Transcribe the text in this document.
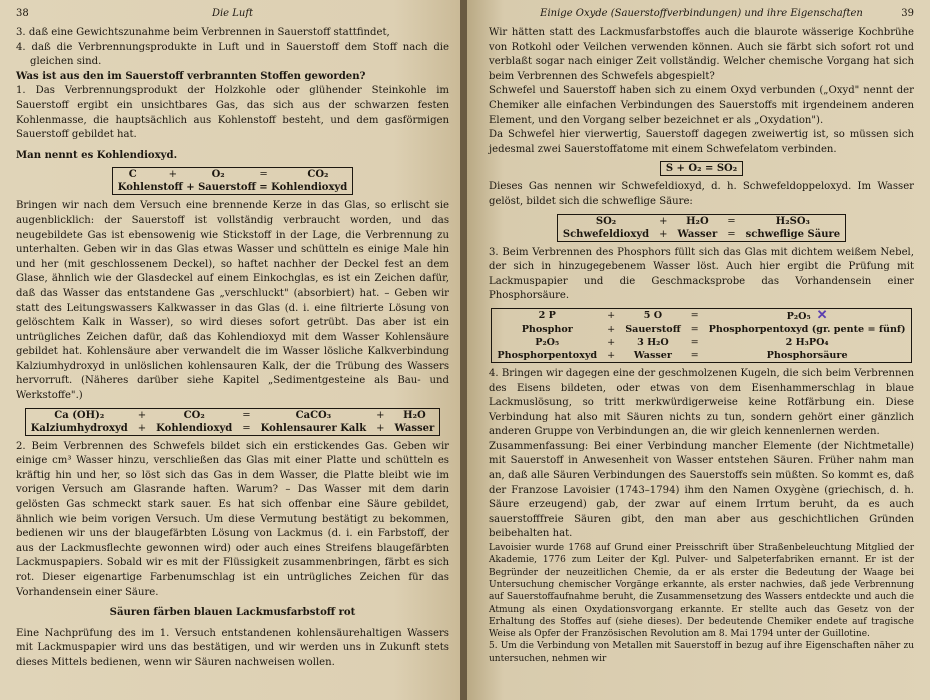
38	Die Luft

3. daß eine Gewichtszunahme beim Verbrennen in Sauerstoff stattfindet,

4. daß die Verbrennungsprodukte in Luft und in Sauerstoff dem Stoff nach die gleichen sind.

Was ist aus den im Sauerstoff verbrannten Stoffen geworden?

1. Das Verbrennungsprodukt der Holzkohle oder glühender Steinkohle im Sauerstoff ergibt ein unsichtbares Gas, das sich aus der schwarzen festen Kohlenmasse, die hauptsächlich aus Kohlenstoff besteht, und dem gasförmigen Sauerstoff gebildet hat.

Man nennt es Kohlendioxyd.

C	+	O₂	=	CO₂
Kohlenstoff + Sauerstoff = Kohlendioxyd

Bringen wir nach dem Versuch eine brennende Kerze in das Glas, so erlischt sie augenblicklich: der Sauerstoff ist vollständig verbraucht worden, und das neugebildete Gas ist ebensowenig wie Stickstoff in der Lage, die Verbrennung zu unterhalten. Geben wir in das Glas etwas Wasser und schütteln es einige Male hin und her (mit geschlossenem Deckel), so haftet nachher der Deckel fest an dem Glase, ähnlich wie der Glasdeckel auf einem Einkochglas, es ist ein Zeichen dafür, daß das Wasser das entstandene Gas „verschluckt" (absorbiert) hat. – Geben wir statt des Leitungswassers Kalkwasser in das Glas (d. i. eine filtrierte Lösung von gelöschtem Kalk in Wasser), so wird dieses sofort getrübt. Das aber ist ein untrügliches Zeichen dafür, daß das Kohlendioxyd mit dem Wasser Kohlensäure gebildet hat. Kohlensäure aber verwandelt die im Wasser lösliche Kalkverbindung Kalziumhydroxyd in unlöslichen kohlensauren Kalk, der die Trübung des Wassers hervorruft. (Näheres darüber siehe Kapitel „Sedimentgesteine als Bau- und Werkstoffe".)

Ca (OH)₂	+	CO₂	=	CaCO₃	+	H₂O
Kalziumhydroxyd	+	Kohlendioxyd	=	Kohlensaurer Kalk	+	Wasser

2. Beim Verbrennen des Schwefels bildet sich ein erstickendes Gas. Geben wir einige cm³ Wasser hinzu, verschließen das Glas mit einer Platte und schütteln es kräftig hin und her, so löst sich das Gas in dem Wasser, die Platte bleibt wie im vorigen Versuch am Glasrande haften. Warum? – Das Wasser mit dem darin gelösten Gas schmeckt stark sauer. Es hat sich offenbar eine Säure gebildet, ähnlich wie beim vorigen Versuch. Um diese Vermutung bestätigt zu bekommen, bedienen wir uns der blaugefärbten Lösung von Lackmus (d. i. ein Farbstoff, der aus der Lackmusflechte gewonnen wird) oder auch eines Streifens blaugefärbten Lackmuspapiers. Sobald wir es mit der Flüssigkeit zusammenbringen, färbt es sich rot. Dieser eigenartige Farbenumschlag ist ein untrügliches Zeichen für das Vorhandensein einer Säure.

Säuren färben blauen Lackmusfarbstoff rot

Eine Nachprüfung des im 1. Versuch entstandenen kohlensäurehaltigen Wassers mit Lackmuspapier wird uns das bestätigen, und wir werden uns in Zukunft stets dieses Mittels bedienen, wenn wir Säuren nachweisen wollen.

Einige Oxyde (Sauerstoffverbindungen) und ihre Eigenschaften	39

Wir hätten statt des Lackmusfarbstoffes auch die blaurote wässerige Kochbrühe von Rotkohl oder Veilchen verwenden können. Auch sie färbt sich sofort rot und verblaßt sogar nach einiger Zeit vollständig. Welcher chemische Vorgang hat sich beim Verbrennen des Schwefels abgespielt?

Schwefel und Sauerstoff haben sich zu einem Oxyd verbunden („Oxyd" nennt der Chemiker alle einfachen Verbindungen des Sauerstoffs mit irgendeinem anderen Element, und den Vorgang selber bezeichnet er als „Oxydation").

Da Schwefel hier vierwertig, Sauerstoff dagegen zweiwertig ist, so müssen sich jedesmal zwei Sauerstoffatome mit einem Schwefelatom verbinden.

S + O₂ = SO₂

Dieses Gas nennen wir Schwefeldioxyd, d. h. Schwefeldoppeloxyd. Im Wasser gelöst, bildet sich die schweflige Säure:

SO₂	+	H₂O	=	H₂SO₃
Schwefeldioxyd	+	Wasser	=	schweflige Säure

3. Beim Verbrennen des Phosphors füllt sich das Glas mit dichtem weißem Nebel, der sich in hinzugegebenem Wasser löst. Auch hier ergibt die Prüfung mit Lackmuspapier und die Geschmacksprobe das Vorhandensein einer Phosphorsäure.

2 P	+	5 O	=	P₂O₅ ✕
Phosphor	+	Sauerstoff	=	Phosphorpentoxyd (gr. pente = fünf)
P₂O₅	+	3 H₂O	=	2 H₃PO₄
Phosphorpentoxyd	+	Wasser	=	Phosphorsäure

4. Bringen wir dagegen eine der geschmolzenen Kugeln, die sich beim Verbrennen des Eisens bildeten, oder etwas von dem Eisenhammerschlag in blaue Lackmuslösung, so tritt merkwürdigerweise keine Rotfärbung ein. Diese Verbindung hat also mit Säuren nichts zu tun, sondern gehört einer gänzlich anderen Gruppe von Verbindungen an, die wir gleich kennenlernen werden.

Zusammenfassung: Bei einer Verbindung mancher Elemente (der Nichtmetalle) mit Sauerstoff in Anwesenheit von Wasser entstehen Säuren. Früher nahm man an, daß alle Säuren Verbindungen des Sauerstoffs sein müßten. So kommt es, daß der Franzose Lavoisier (1743–1794) ihm den Namen Oxygène (griechisch, d. h. Säure erzeugend) gab, der zwar auf einem Irrtum beruht, da es auch sauerstofffreie Säuren gibt, den man aber aus geschichtlichen Gründen beibehalten hat.

Lavoisier wurde 1768 auf Grund einer Preisschrift über Straßenbeleuchtung Mitglied der Akademie, 1776 zum Leiter der Kgl. Pulver- und Salpeterfabriken ernannt. Er ist der Begründer der neuzeitlichen Chemie, da er als erster die Bedeutung der Waage bei Untersuchung chemischer Vorgänge erkannte, als erster nachwies, daß jede Verbrennung auf Sauerstoffaufnahme beruht, die Zusammensetzung des Wassers entdeckte und auch die Atmung als einen Oxydationsvorgang erkannte. Er stellte auch das Gesetz von der Erhaltung des Stoffes auf (siehe dieses). Der bedeutende Chemiker endete auf tragische Weise als Opfer der Französischen Revolution am 8. Mai 1794 unter der Guillotine.

5. Um die Verbindung von Metallen mit Sauerstoff in bezug auf ihre Eigenschaften näher zu untersuchen, nehmen wir
